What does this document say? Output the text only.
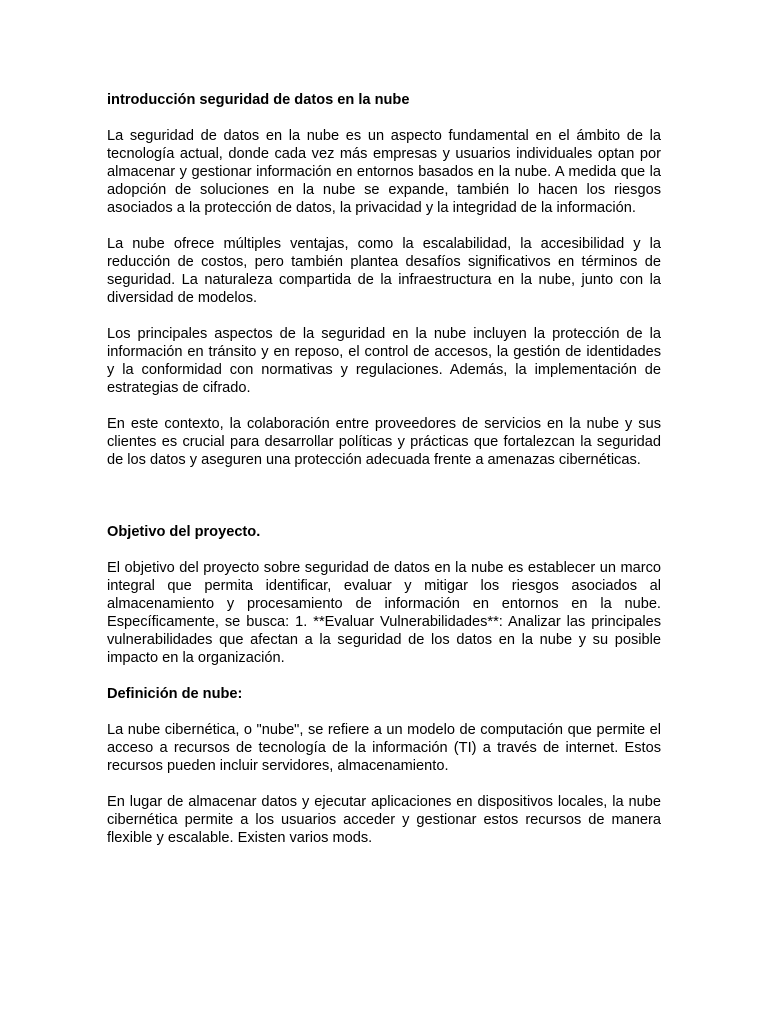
introducción seguridad de datos en la nube

La seguridad de datos en la nube es un aspecto fundamental en el ámbito de la tecnología actual, donde cada vez más empresas y usuarios individuales optan por almacenar y gestionar información en entornos basados en la nube. A medida que la adopción de soluciones en la nube se expande, también lo hacen los riesgos asociados a la protección de datos, la privacidad y la integridad de la información.

La nube ofrece múltiples ventajas, como la escalabilidad, la accesibilidad y la reducción de costos, pero también plantea desafíos significativos en términos de seguridad. La naturaleza compartida de la infraestructura en la nube, junto con la diversidad de modelos.

Los principales aspectos de la seguridad en la nube incluyen la protección de la información en tránsito y en reposo, el control de accesos, la gestión de identidades y la conformidad con normativas y regulaciones. Además, la implementación de estrategias de cifrado.

En este contexto, la colaboración entre proveedores de servicios en la nube y sus clientes es crucial para desarrollar políticas y prácticas que fortalezcan la seguridad de los datos y aseguren una protección adecuada frente a amenazas cibernéticas.

Objetivo del proyecto.

El objetivo del proyecto sobre seguridad de datos en la nube es establecer un marco integral que permita identificar, evaluar y mitigar los riesgos asociados al almacenamiento y procesamiento de información en entornos en la nube. Específicamente, se busca: 1. **Evaluar Vulnerabilidades**: Analizar las principales vulnerabilidades que afectan a la seguridad de los datos en la nube y su posible impacto en la organización.

Definición de nube:

La nube cibernética, o "nube", se refiere a un modelo de computación que permite el acceso a recursos de tecnología de la información (TI) a través de internet. Estos recursos pueden incluir servidores, almacenamiento.

En lugar de almacenar datos y ejecutar aplicaciones en dispositivos locales, la nube cibernética permite a los usuarios acceder y gestionar estos recursos de manera flexible y escalable. Existen varios mods.
